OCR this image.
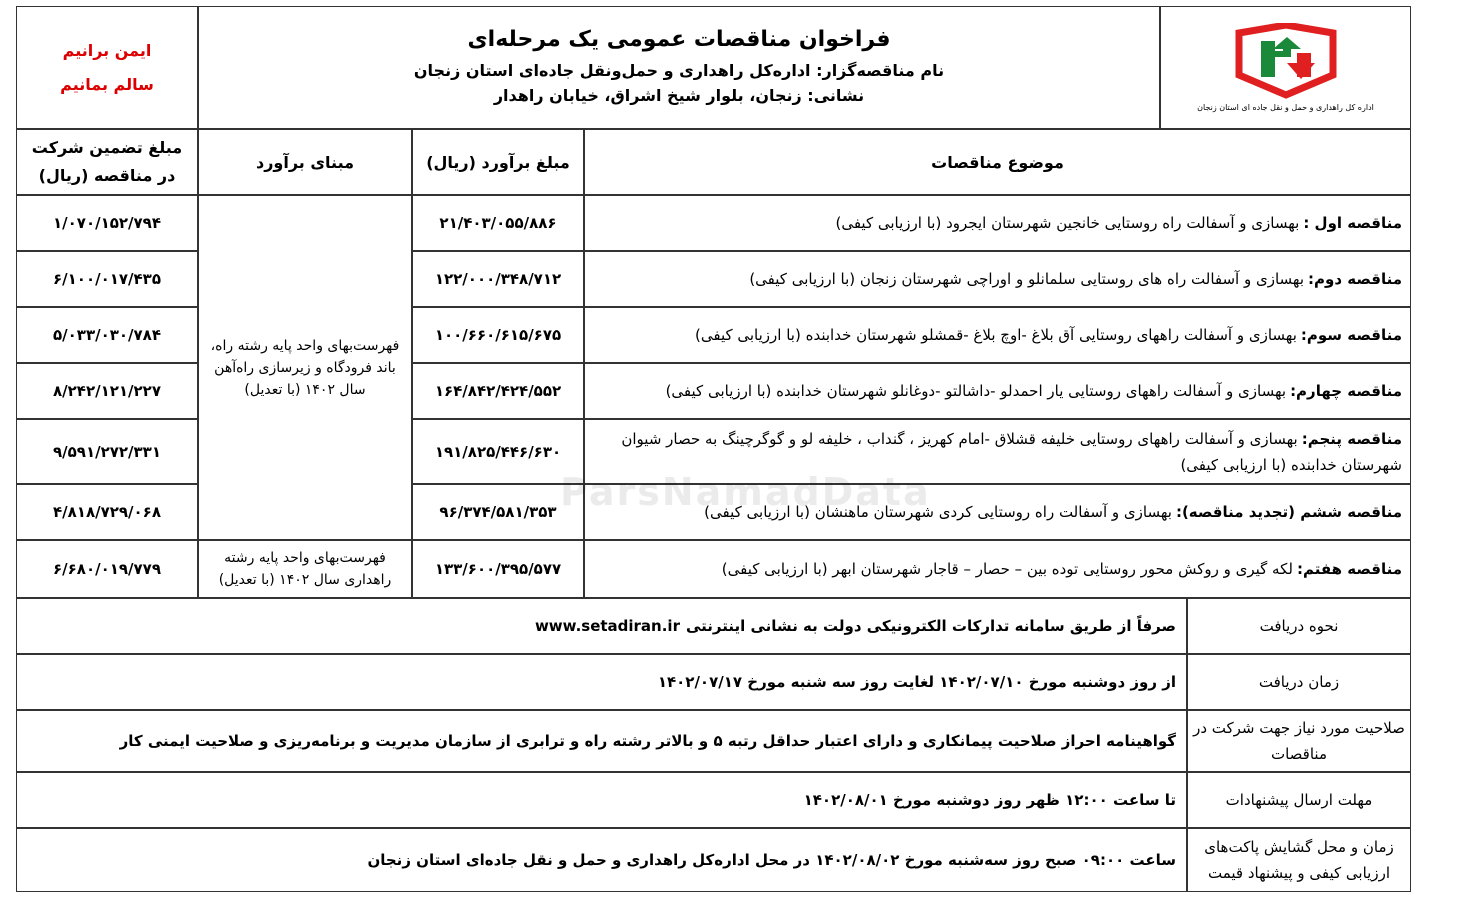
اداره کل راهداری و حمل و نقل جاده ای استان زنجان
فراخوان مناقصات عمومی یک مرحله‌ای
نام مناقصه‌گزار: اداره‌کل راهداری و حمل‌ونقل جاده‌ای استان زنجان
نشانی: زنجان، بلوار شیخ اشراق، خیابان راهدار
ایمن برانیم
سالم بمانیم
موضوع مناقصات
مبلغ برآورد (ریال)
مبنای برآورد
مبلغ تضمین شرکت در مناقصه (ریال)
مناقصه اول :بهسازی و آسفالت راه روستایی خانجین شهرستان ایجرود (با ارزیابی کیفی)
۲۱/۴۰۳/۰۵۵/۸۸۶
۱/۰۷۰/۱۵۲/۷۹۴
مناقصه دوم:بهسازی و آسفالت راه های روستایی سلمانلو و اوراچی شهرستان زنجان (با ارزیابی کیفی)
۱۲۲/۰۰۰/۳۴۸/۷۱۲
۶/۱۰۰/۰۱۷/۴۳۵
مناقصه سوم:بهسازی و آسفالت راههای روستایی آق بلاغ -اوچ بلاغ -قمشلو شهرستان خدابنده (با ارزیابی کیفی)
۱۰۰/۶۶۰/۶۱۵/۶۷۵
۵/۰۳۳/۰۳۰/۷۸۴
مناقصه چهارم:بهسازی و آسفالت راههای روستایی یار احمدلو -داشالتو -دوغانلو شهرستان خدابنده (با ارزیابی کیفی)
۱۶۴/۸۴۲/۴۲۴/۵۵۲
۸/۲۴۲/۱۲۱/۲۲۷
مناقصه پنجم:بهسازی و آسفالت راههای روستایی خلیفه قشلاق -امام کهریز ، گنداب ، خلیفه لو و گوگرچینگ به حصار شیوان شهرستان خدابنده (با ارزیابی کیفی)
۱۹۱/۸۲۵/۴۴۶/۶۳۰
۹/۵۹۱/۲۷۲/۳۳۱
مناقصه ششم (تجدید مناقصه):بهسازی و آسفالت راه روستایی کردی شهرستان ماهنشان (با ارزیابی کیفی)
۹۶/۳۷۴/۵۸۱/۳۵۳
۴/۸۱۸/۷۲۹/۰۶۸
مناقصه هفتم:لکه گیری و روکش محور روستایی توده بین – حصار – قاجار شهرستان ابهر (با ارزیابی کیفی)
۱۳۳/۶۰۰/۳۹۵/۵۷۷
۶/۶۸۰/۰۱۹/۷۷۹
فهرست‌بهای واحد پایه رشته راه، باند فرودگاه و زیرسازی راه‌آهن سال ۱۴۰۲ (با تعدیل)
فهرست‌بهای واحد پایه رشته راهداری سال ۱۴۰۲ (با تعدیل)
نحوه دریافت
صرفاً از طریق سامانه تدارکات الکترونیکی دولت به نشانی اینترنتی
www.setadiran.ir
زمان دریافت
از روز دوشنبه مورخ ۱۴۰۲/۰۷/۱۰ لغایت روز سه شنبه مورخ ۱۴۰۲/۰۷/۱۷
صلاحیت مورد نیاز جهت شرکت در مناقصات
گواهینامه احراز صلاحیت پیمانکاری و دارای اعتبار حداقل رتبه ۵ و بالاتر رشته راه و ترابری از سازمان مدیریت و برنامه‌ریزی و صلاحیت ایمنی کار
مهلت ارسال پیشنهادات
تا ساعت ۱۲:۰۰ ظهر روز دوشنبه مورخ ۱۴۰۲/۰۸/۰۱
زمان و محل گشایش پاکت‌های ارزیابی کیفی و پیشنهاد قیمت
ساعت ۰۹:۰۰ صبح روز سه‌شنبه مورخ ۱۴۰۲/۰۸/۰۲ در محل اداره‌کل راهداری و حمل و نقل جاده‌ای استان زنجان
ParsNamadData
